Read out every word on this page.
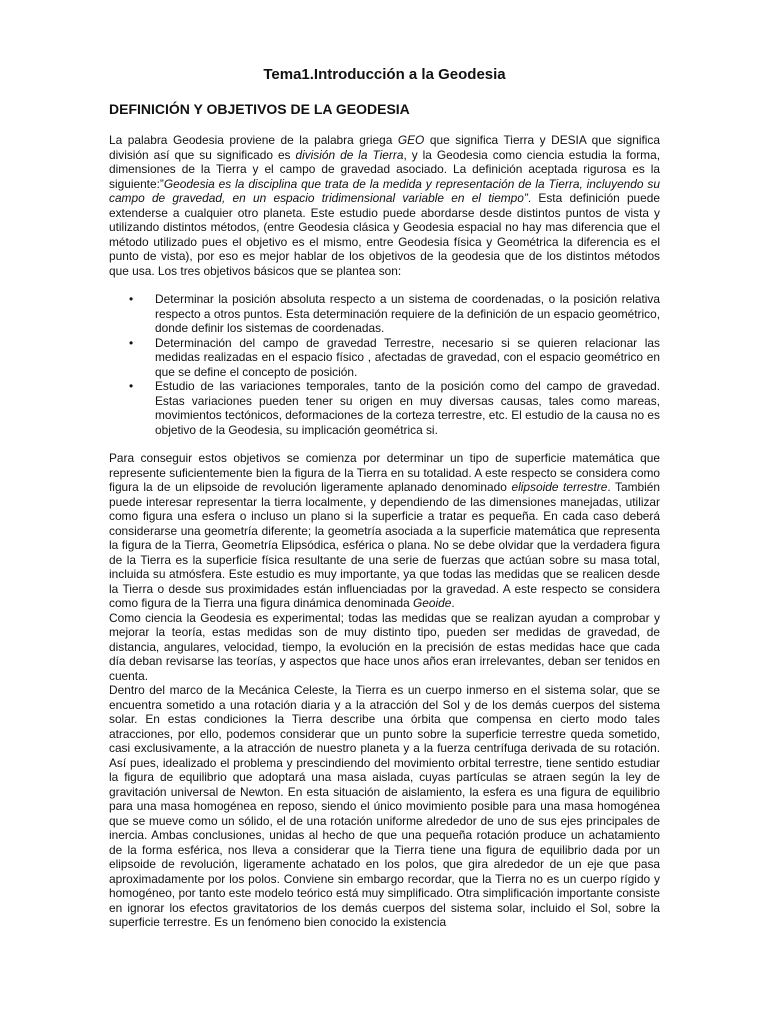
Tema1.Introducción a la Geodesia
DEFINICIÓN Y OBJETIVOS DE LA GEODESIA

La palabra Geodesia proviene de la palabra griega GEO que significa Tierra y DESIA que significa división así que su significado es división de la Tierra, y la Geodesia como ciencia estudia la forma, dimensiones de la Tierra y el campo de gravedad asociado. La definición aceptada rigurosa es la siguiente:”Geodesia es la disciplina que trata de la medida y representación de la Tierra, incluyendo su campo de gravedad, en un espacio tridimensional variable en el tiempo”. Esta definición puede extenderse a cualquier otro planeta. Este estudio puede abordarse desde distintos puntos de vista y utilizando distintos métodos, (entre Geodesia clásica y Geodesia espacial no hay mas diferencia que el método utilizado pues el objetivo es el mismo, entre Geodesia física y Geométrica la diferencia es el punto de vista), por eso es mejor hablar de los objetivos de la geodesia que de los distintos métodos que usa. Los tres objetivos básicos que se plantea son:

• Determinar la posición absoluta respecto a un sistema de coordenadas, o la posición relativa respecto a otros puntos. Esta determinación requiere de la definición de un espacio geométrico, donde definir los sistemas de coordenadas.
• Determinación del campo de gravedad Terrestre, necesario si se quieren relacionar las medidas realizadas en el espacio físico , afectadas de gravedad, con el espacio geométrico en que se define el concepto de posición.
• Estudio de las variaciones temporales, tanto de la posición como del campo de gravedad. Estas variaciones pueden tener su origen en muy diversas causas, tales como mareas, movimientos tectónicos, deformaciones de la corteza terrestre, etc. El estudio de la causa no es objetivo de la Geodesia, su implicación geométrica si.

Para conseguir estos objetivos se comienza por determinar un tipo de superficie matemática que represente suficientemente bien la figura de la Tierra en su totalidad. A este respecto se considera como figura la de un elipsoide de revolución ligeramente aplanado denominado elipsoide terrestre. También puede interesar representar la tierra localmente, y dependiendo de las dimensiones manejadas, utilizar como figura una esfera o incluso un plano si la superficie a tratar es pequeña. En cada caso deberá considerarse una geometría diferente; la geometría asociada a la superficie matemática que representa la figura de la Tierra, Geometría Elipsódica, esférica o plana. No se debe olvidar que la verdadera figura de la Tierra es la superficie física resultante de una serie de fuerzas que actúan sobre su masa total, incluida su atmósfera. Este estudio es muy importante, ya que todas las medidas que se realicen desde la Tierra o desde sus proximidades están influenciadas por la gravedad. A este respecto se considera como figura de la Tierra una figura dinámica denominada Geoide.

Como ciencia la Geodesia es experimental; todas las medidas que se realizan ayudan a comprobar y mejorar la teoría, estas medidas son de muy distinto tipo, pueden ser medidas de gravedad, de distancia, angulares, velocidad, tiempo, la evolución en la precisión de estas medidas hace que cada día deban revisarse las teorías, y aspectos que hace unos años eran irrelevantes, deban ser tenidos en cuenta.

Dentro del marco de la Mecánica Celeste, la Tierra es un cuerpo inmerso en el sistema solar, que se encuentra sometido a una rotación diaria y a la atracción del Sol y de los demás cuerpos del sistema solar. En estas condiciones la Tierra describe una órbita que compensa en cierto modo tales atracciones, por ello, podemos considerar que un punto sobre la superficie terrestre queda sometido, casi exclusivamente, a la atracción de nuestro planeta y a la fuerza centrífuga derivada de su rotación. Así pues, idealizado el problema y prescindiendo del movimiento orbital terrestre, tiene sentido estudiar la figura de equilibrio que adoptará una masa aislada, cuyas partículas se atraen según la ley de gravitación universal de Newton. En esta situación de aislamiento, la esfera es una figura de equilibrio para una masa homogénea en reposo, siendo el único movimiento posible para una masa homogénea que se mueve como un sólido, el de una rotación uniforme alrededor de uno de sus ejes principales de inercia. Ambas conclusiones, unidas al hecho de que una pequeña rotación produce un achatamiento de la forma esférica, nos lleva a considerar que la Tierra tiene una figura de equilibrio dada por un elipsoide de revolución, ligeramente achatado en los polos, que gira alrededor de un eje que pasa aproximadamente por los polos. Conviene sin embargo recordar, que la Tierra no es un cuerpo rígido y homogéneo, por tanto este modelo teórico está muy simplificado. Otra simplificación importante consiste en ignorar los efectos gravitatorios de los demás cuerpos del sistema solar, incluido el Sol, sobre la superficie terrestre. Es un fenómeno bien conocido la existencia
